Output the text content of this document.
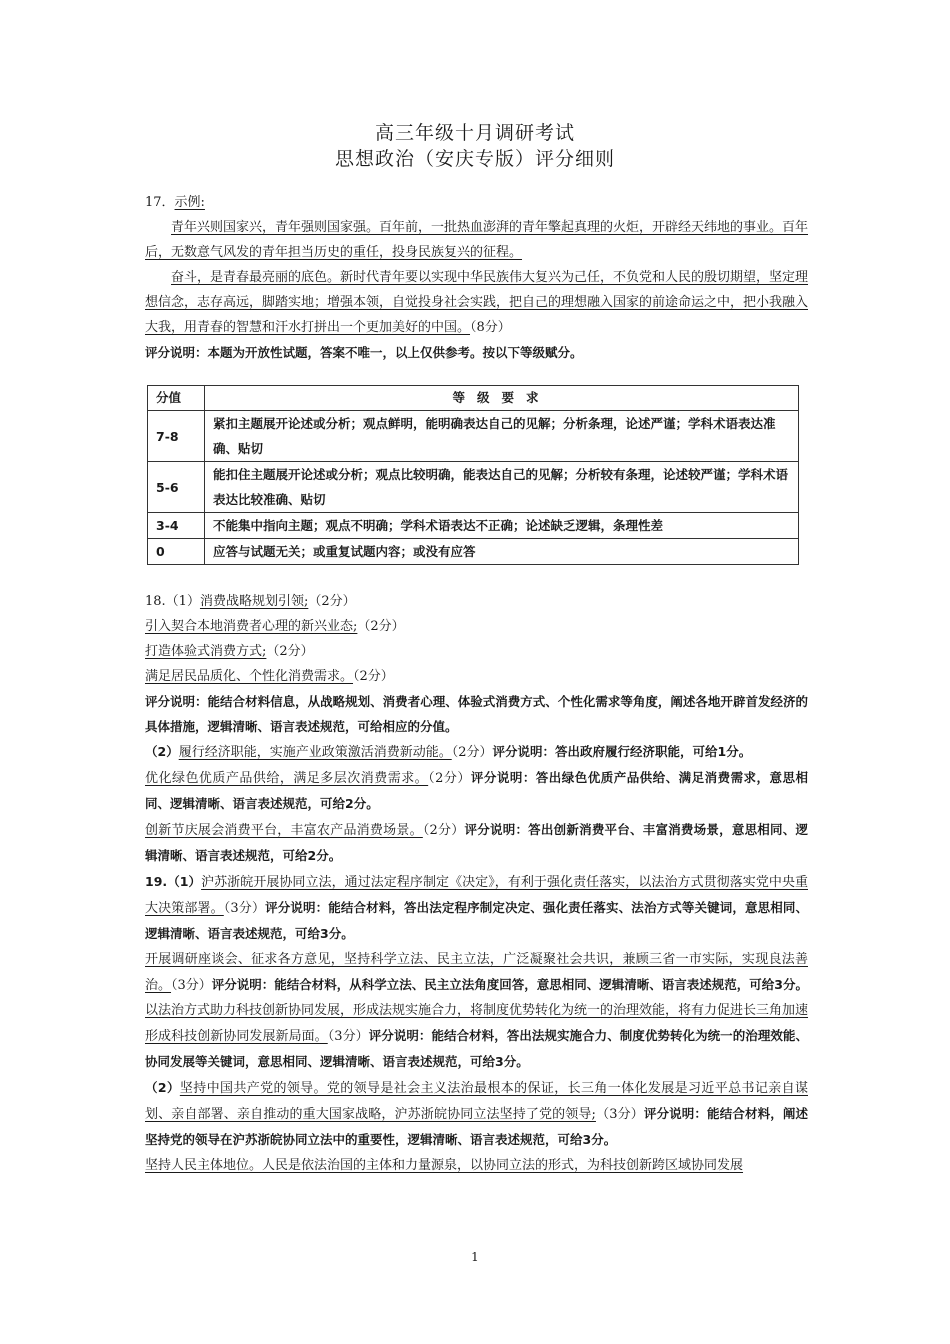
高三年级十月调研考试
思想政治（安庆专版）评分细则

17．示例:

青年兴则国家兴，青年强则国家强。百年前，一批热血澎湃的青年擎起真理的火炬，开辟经天纬地的事业。百年后，无数意气风发的青年担当历史的重任，投身民族复兴的征程。

奋斗，是青春最亮丽的底色。新时代青年要以实现中华民族伟大复兴为己任，不负党和人民的殷切期望，坚定理想信念，志存高远，脚踏实地；增强本领，自觉投身社会实践，把自己的理想融入国家的前途命运之中，把小我融入大我，用青春的智慧和汗水打拼出一个更加美好的中国。（8分）

评分说明：本题为开放性试题，答案不唯一，以上仅供参考。按以下等级赋分。

分值	等级要求
7-8	紧扣主题展开论述或分析；观点鲜明，能明确表达自己的见解；分析条理，论述严谨；学科术语表达准确、贴切
5-6	能扣住主题展开论述或分析；观点比较明确，能表达自己的见解；分析较有条理，论述较严谨；学科术语表达比较准确、贴切
3-4	不能集中指向主题；观点不明确；学科术语表达不正确；论述缺乏逻辑，条理性差
0	应答与试题无关；或重复试题内容；或没有应答

18.（1）消费战略规划引领;（2分）

引入契合本地消费者心理的新兴业态;（2分）

打造体验式消费方式;（2分）

满足居民品质化、个性化消费需求。（2分）

评分说明：能结合材料信息，从战略规划、消费者心理、体验式消费方式、个性化需求等角度，阐述各地开辟首发经济的具体措施，逻辑清晰、语言表述规范，可给相应的分值。

（2）履行经济职能，实施产业政策激活消费新动能。（2分）评分说明：答出政府履行经济职能，可给1分。

优化绿色优质产品供给，满足多层次消费需求。（2分）评分说明：答出绿色优质产品供给、满足消费需求，意思相同、逻辑清晰、语言表述规范，可给2分。

创新节庆展会消费平台，丰富农产品消费场景。（2分）评分说明：答出创新消费平台、丰富消费场景，意思相同、逻辑清晰、语言表述规范，可给2分。

19.（1）沪苏浙皖开展协同立法，通过法定程序制定《决定》，有利于强化责任落实，以法治方式贯彻落实党中央重大决策部署。（3分）评分说明：能结合材料，答出法定程序制定决定、强化责任落实、法治方式等关键词，意思相同、逻辑清晰、语言表述规范，可给3分。

开展调研座谈会、征求各方意见，坚持科学立法、民主立法，广泛凝聚社会共识，兼顾三省一市实际，实现良法善治。（3分）评分说明：能结合材料，从科学立法、民主立法角度回答，意思相同、逻辑清晰、语言表述规范，可给3分。

以法治方式助力科技创新协同发展，形成法规实施合力，将制度优势转化为统一的治理效能，将有力促进长三角加速形成科技创新协同发展新局面。（3分）评分说明：能结合材料，答出法规实施合力、制度优势转化为统一的治理效能、协同发展等关键词，意思相同、逻辑清晰、语言表述规范，可给3分。

（2）坚持中国共产党的领导。党的领导是社会主义法治最根本的保证，长三角一体化发展是习近平总书记亲自谋划、亲自部署、亲自推动的重大国家战略，沪苏浙皖协同立法坚持了党的领导;（3分）评分说明：能结合材料，阐述坚持党的领导在沪苏浙皖协同立法中的重要性，逻辑清晰、语言表述规范，可给3分。

坚持人民主体地位。人民是依法治国的主体和力量源泉，以协同立法的形式，为科技创新跨区域协同发展

1
